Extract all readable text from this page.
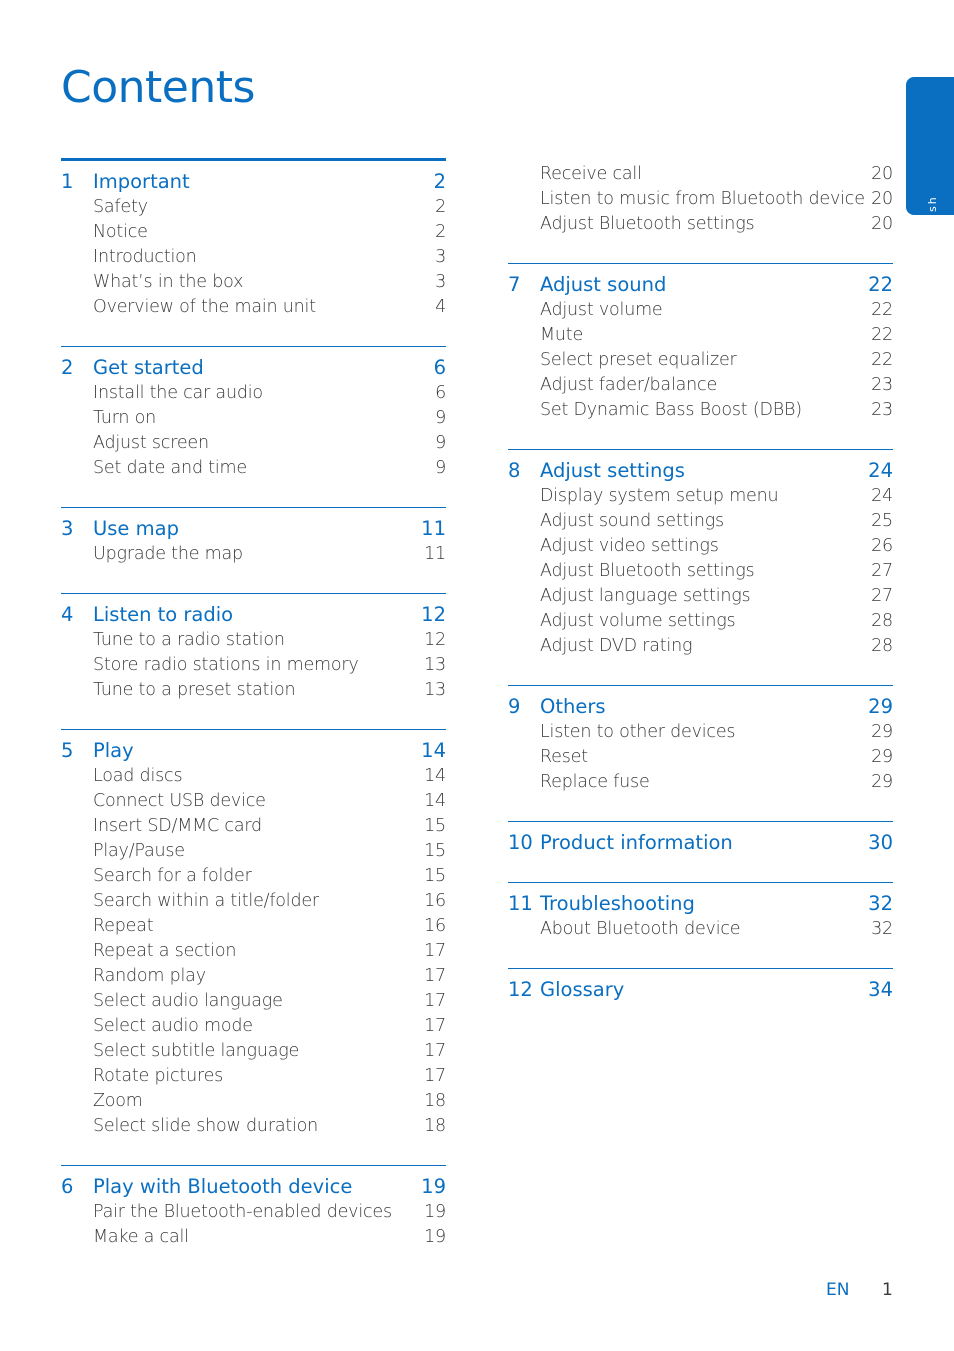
Contents
English
1	Important	2
Safety	2
Notice	2
Introduction	3
What’s in the box	3
Overview of the main unit	4
2	Get started	6
Install the car audio	6
Turn on	9
Adjust screen	9
Set date and time	9
3	Use map	11
Upgrade the map	11
4	Listen to radio	12
Tune to a radio station	12
Store radio stations in memory	13
Tune to a preset station	13
5	Play	14
Load discs	14
Connect USB device	14
Insert SD/MMC card	15
Play/Pause	15
Search for a folder	15
Search within a title/folder	16
Repeat	16
Repeat a section	17
Random play	17
Select audio language	17
Select audio mode	17
Select subtitle language	17
Rotate pictures	17
Zoom	18
Select slide show duration	18
6	Play with Bluetooth device	19
Pair the Bluetooth-enabled devices	19
Make a call	19
Receive call	20
Listen to music from Bluetooth device 20
Adjust Bluetooth settings	20
7	Adjust sound	22
Adjust volume	22
Mute	22
Select preset equalizer	22
Adjust fader/balance	23
Set Dynamic Bass Boost (DBB)	23
8	Adjust settings	24
Display system setup menu	24
Adjust sound settings	25
Adjust video settings	26
Adjust Bluetooth settings	27
Adjust language settings	27
Adjust volume settings	28
Adjust DVD rating	28
9	Others	29
Listen to other devices	29
Reset	29
Replace fuse	29
10 Product information	30
11 Troubleshooting	32
About Bluetooth device	32
12 Glossary	34
EN 1
